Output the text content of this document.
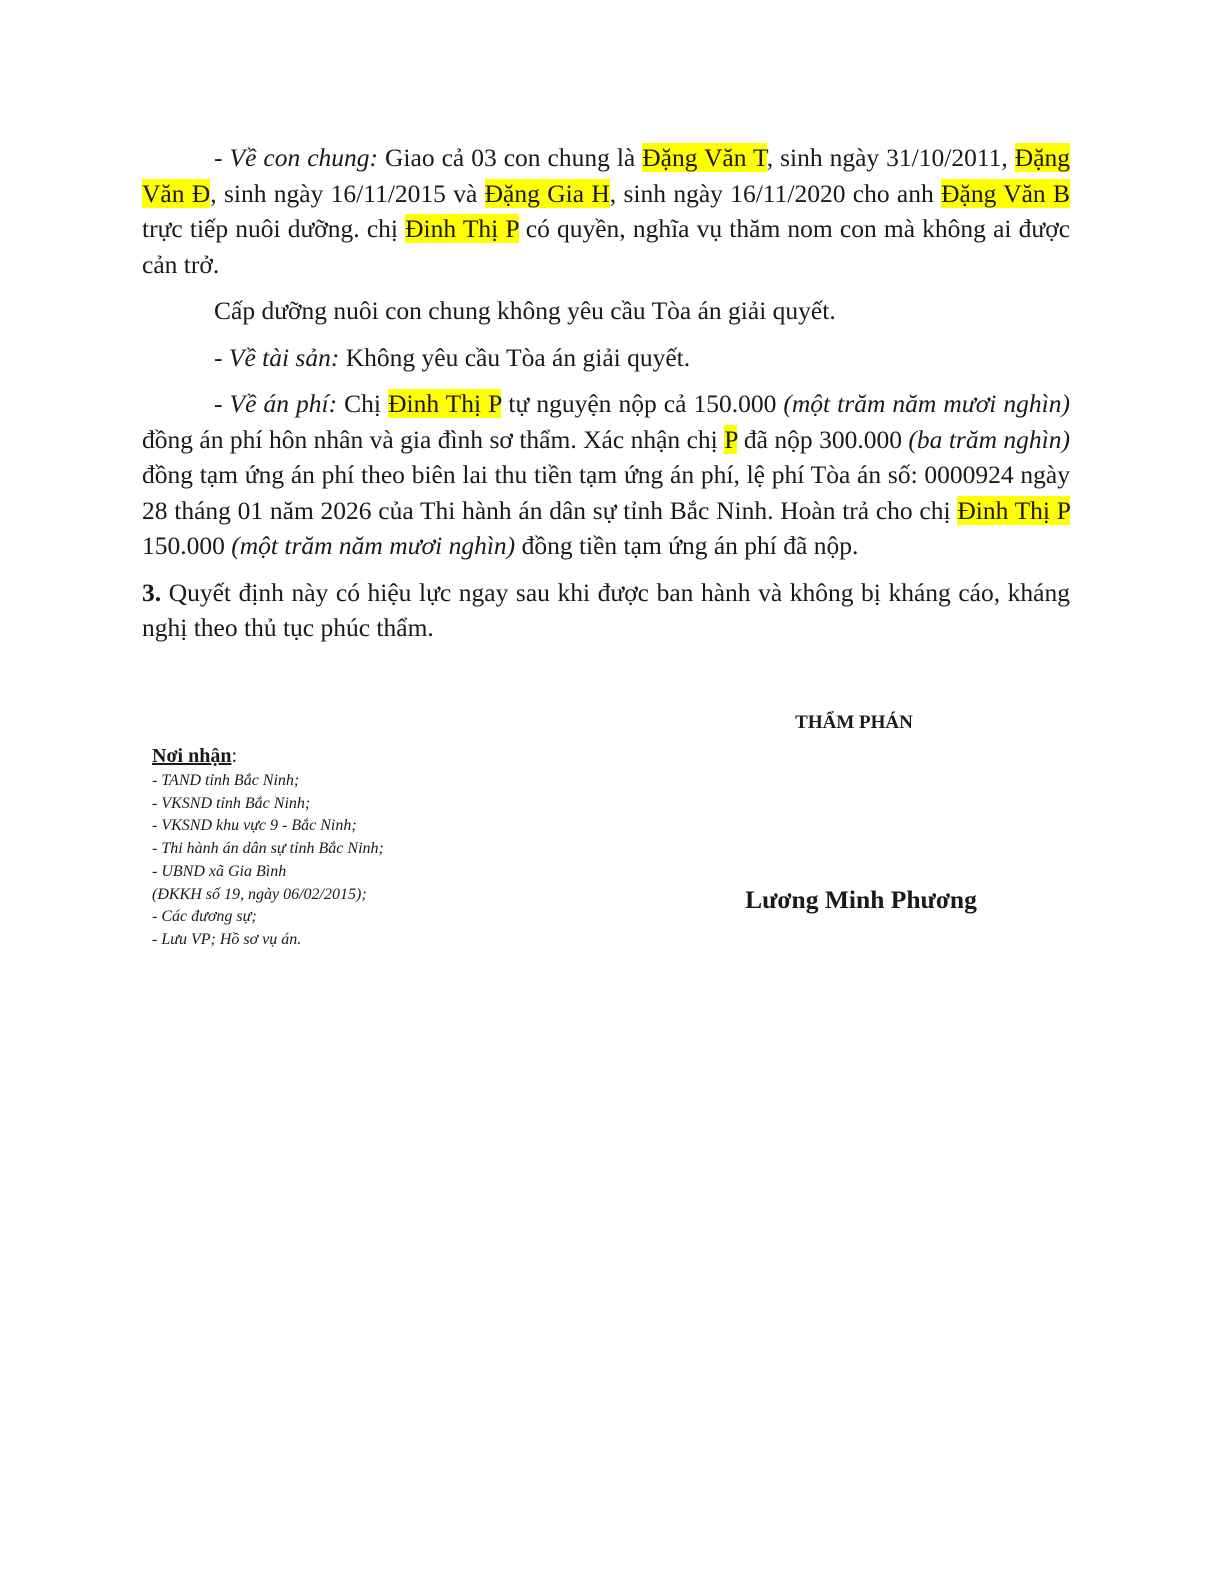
- Về con chung: Giao cả 03 con chung là Đặng Văn T, sinh ngày 31/10/2011, Đặng Văn Đ, sinh ngày 16/11/2015 và Đặng Gia H, sinh ngày 16/11/2020 cho anh Đặng Văn B trực tiếp nuôi dưỡng. chị Đinh Thị P có quyền, nghĩa vụ thăm nom con mà không ai được cản trở.

Cấp dưỡng nuôi con chung không yêu cầu Tòa án giải quyết.

- Về tài sản: Không yêu cầu Tòa án giải quyết.

- Về án phí: Chị Đinh Thị P tự nguyện nộp cả 150.000 (một trăm năm mươi nghìn) đồng án phí hôn nhân và gia đình sơ thẩm. Xác nhận chị P đã nộp 300.000 (ba trăm nghìn) đồng tạm ứng án phí theo biên lai thu tiền tạm ứng án phí, lệ phí Tòa án số: 0000924 ngày 28 tháng 01 năm 2026 của Thi hành án dân sự tỉnh Bắc Ninh. Hoàn trả cho chị Đinh Thị P 150.000 (một trăm năm mươi nghìn) đồng tiền tạm ứng án phí đã nộp.

3. Quyết định này có hiệu lực ngay sau khi được ban hành và không bị kháng cáo, kháng nghị theo thủ tục phúc thẩm.

THẨM PHÁN
Nơi nhận:
- TAND tỉnh Bắc Ninh;
- VKSND tỉnh Bắc Ninh;
- VKSND khu vực 9 - Bắc Ninh;
- Thi hành án dân sự tỉnh Bắc Ninh;
- UBND xã Gia Bình
(ĐKKH số 19, ngày 06/02/2015);
- Các đương sự;
- Lưu VP; Hồ sơ vụ án.
Lương Minh Phương
